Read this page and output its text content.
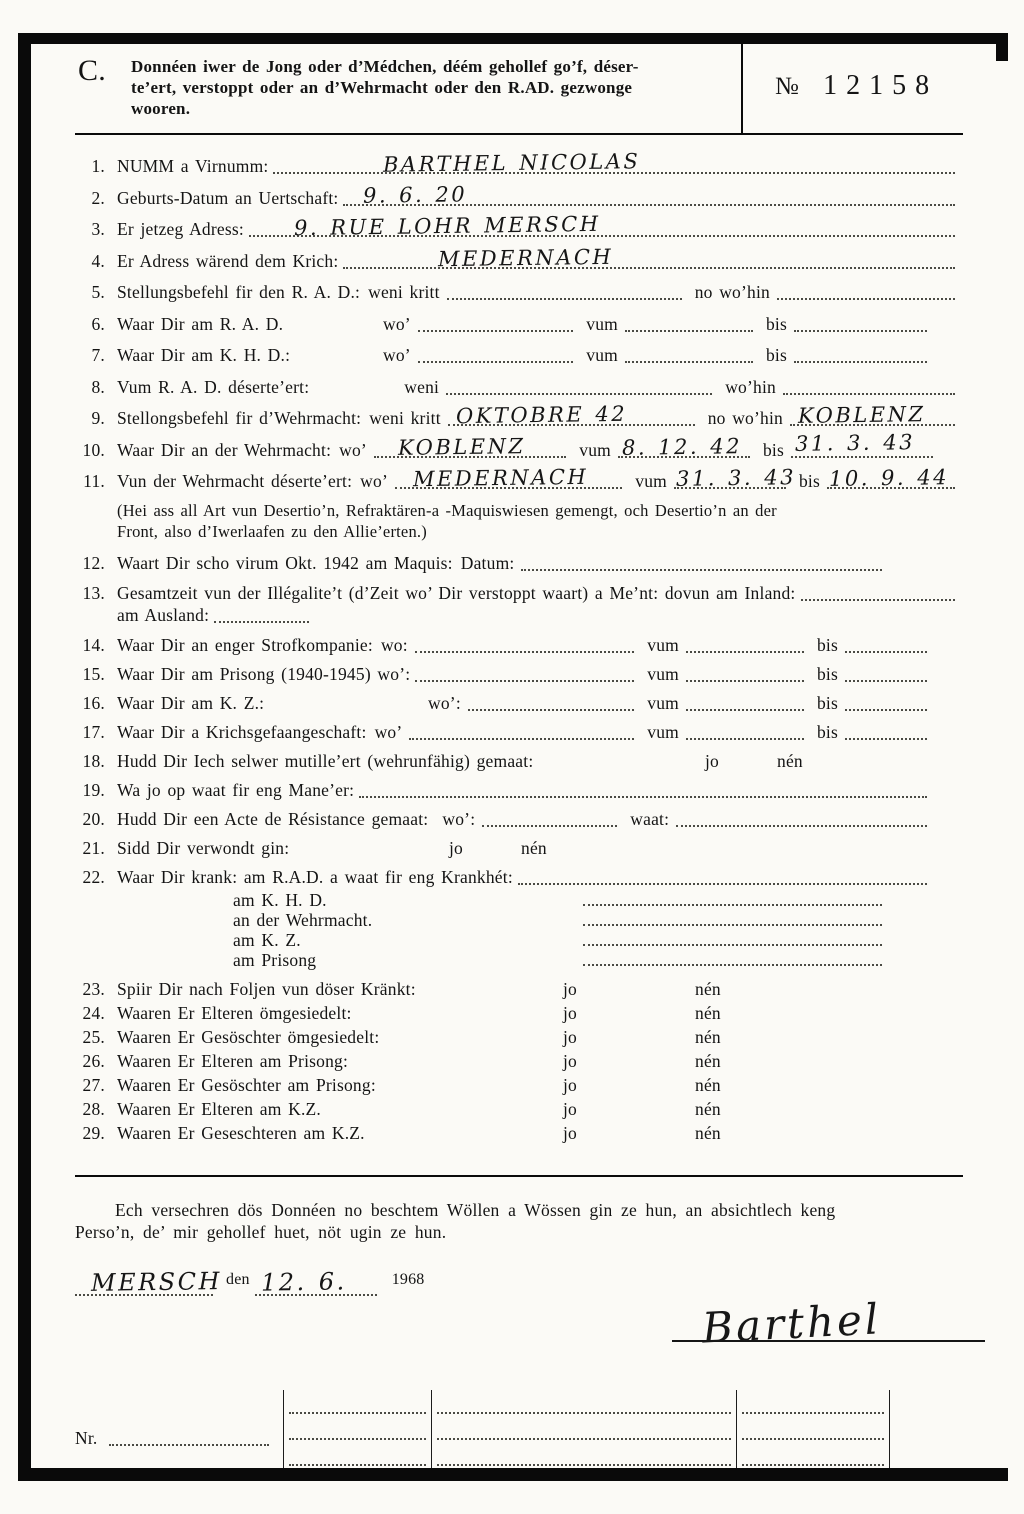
C. Donnéen iwer de Jong oder d’Médchen, déém gehollef go’f, déser-
te’ert, verstoppt oder an d’Wehrmacht oder den R.AD. gezwonge
wooren.
№ 12158
1. NUMM a Virnumm:	BARTHEL NICOLAS
2. Geburts-Datum an Uertschaft: 9. 6. 20
3. Er jetzeg Adress: 9. RUE LOHR MERSCH
4. Er Adress wärend dem Krich:	MEDERNACH
5. Stellungsbefehl fir den R. A. D.: weni kritt	no wo’hin
6. Waar Dir am R. A. D.	wo’	vum	bis
7. Waar Dir am K. H. D.:	wo’	vum	bis
8. Vum R. A. D. déserte’ert:	weni	wo’hin
9. Stellongsbefehl fir d’Wehrmacht: weni kritt OKTOBRE 42	no wo’hin KOBLENZ
10. Waar Dir an der Wehrmacht: wo’ KOBLENZ	vum 8. 12. 42 bis 31. 3. 43
11. Vun der Wehrmacht déserte’ert: wo’ MEDERNACH	vum 31. 3. 43 bis 10. 9. 44
(Hei ass all Art vun Desertio’n, Refraktären-a -Maquiswiesen gemengt, och Desertio’n an der
Front, also d’Iwerlaafen zu den Allie’erten.)
12. Waart Dir scho virum Okt. 1942 am Maquis: Datum:
13. Gesamtzeit vun der Illégalite’t (d’Zeit wo’ Dir verstoppt waart) a Me’nt: dovun am Inland:
am Ausland:
14. Waar Dir an enger Strofkompanie: wo:	vum	bis
15. Waar Dir am Prisong (1940-1945) wo’:	vum	bis
16. Waar Dir am K. Z.:	wo’:	vum	bis
17. Waar Dir a Krichsgefaangeschaft: wo’	vum	bis
18. Hudd Dir Iech selwer mutille’ert (wehrunfähig) gemaat:	jo	nén
19. Wa jo op waat fir eng Mane’er:
20. Hudd Dir een Acte de Résistance gemaat: wo’:	waat:
21. Sidd Dir verwondt gin:	jo	nén
22. Waar Dir krank: am R.A.D. a waat fir eng Krankhét:
am K. H. D.
an der Wehrmacht.
am K. Z.
am Prisong
23. Spiir Dir nach Foljen vun döser Kränkt:	jo	nén
24. Waaren Er Elteren ömgesiedelt:	jo	nén
25. Waaren Er Gesöschter ömgesiedelt:	jo	nén
26. Waaren Er Elteren am Prisong:	jo	nén
27. Waaren Er Gesöschter am Prisong:	jo	nén
28. Waaren Er Elteren am K.Z.	jo	nén
29. Waaren Er Geseschteren am K.Z.	jo	nén
Ech versechren dös Donnéen no beschtem Wöllen a Wössen gin ze hun, an absichtlech keng
Perso’n, de’ mir gehollef huet, nöt ugin ze hun.
MERSCH den 12. 6.	1968
Barthel
Nr.
